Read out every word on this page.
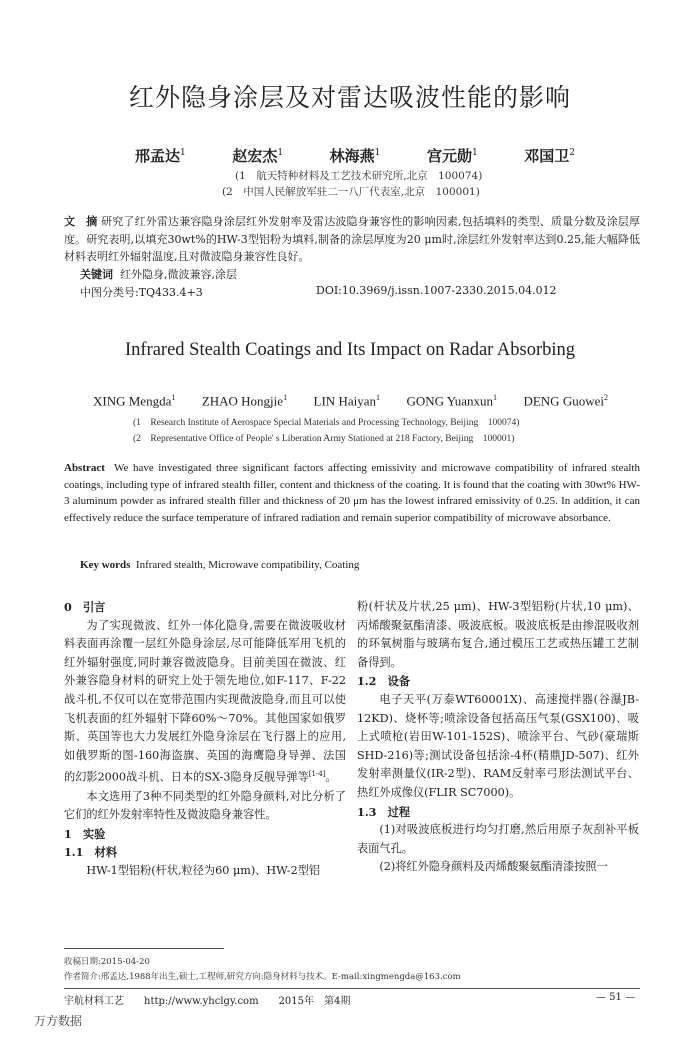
红外隐身涂层及对雷达吸波性能的影响
邢孟达$^1$	赵宏杰$^1$	林海燕$^1$	宫元勋$^1$	邓国卫$^2$
(1　航天特种材料及工艺技术研究所,北京　100074)
(2　中国人民解放军驻二一八厂代表室,北京　100001)
文　摘 研究了红外雷达兼容隐身涂层红外发射率及雷达波隐身兼容性的影响因素,包括填料的类型、质量分数及涂层厚度。研究表明,以填充30wt%的HW-3型铝粉为填料,制备的涂层厚度为20 μm时,涂层红外发射率达到0.25,能大幅降低材料表明红外辐射温度,且对微波隐身兼容性良好。
关键词 红外隐身,微波兼容,涂层
中图分类号:TQ433.4+3	DOI:10.3969/j.issn.1007-2330.2015.04.012
Infrared Stealth Coatings and Its Impact on Radar Absorbing
XING Mengda$^1$ ZHAO Hongjie$^1$ LIN Haiyan$^1$ GONG Yuanxun$^1$ DENG Guowei$^2$
(1　Research Institute of Aerospace Special Materials and Processing Technology, Beijing　100074)
(2　Representative Office of People' s Liberation Army Stationed at 218 Factory, Beijing　100001)
Abstract We have investigated three significant factors affecting emissivity and microwave compatibility of infrared stealth coatings, including type of infrared stealth filler, content and thickness of the coating. It is found that the coating with 30wt% HW-3 aluminum powder as infrared stealth filler and thickness of 20 μm has the lowest infrared emissivity of 0.25. In addition, it can effectively reduce the surface temperature of infrared radiation and remain superior compatibility of microwave absorbance.
Key words Infrared stealth, Microwave compatibility, Coating
0　引言

为了实现微波、红外一体化隐身,需要在微波吸收材料表面再涂覆一层红外隐身涂层,尽可能降低军用飞机的红外辐射强度,同时兼容微波隐身。目前美国在微波、红外兼容隐身材料的研究上处于领先地位,如F-117、F-22战斗机,不仅可以在宽带范围内实现微波隐身,而且可以使飞机表面的红外辐射下降60%～70%。其他国家如俄罗斯、英国等也大力发展红外隐身涂层在飞行器上的应用,如俄罗斯的图-160海盗旗、英国的海鹰隐身导弹、法国的幻影2000战斗机、日本的SX-3隐身反舰导弹等[1-4]。

本文选用了3种不同类型的红外隐身颜料,对比分析了它们的红外发射率特性及微波隐身兼容性。

1　实验
1.1　材料

HW-1型铝粉(杆状,粒径为60 μm)、HW-2型铝

粉(杆状及片状,25 μm)、HW-3型铝粉(片状,10 μm)、丙烯酸聚氨酯清漆、吸波底板。吸波底板是由掺混吸收剂的环氧树脂与玻璃布复合,通过模压工艺或热压罐工艺制备得到。

1.2　设备

电子天平(万泰WT60001X)、高速搅拌器(谷瀑JB-12KD)、烧杯等;喷涂设备包括高压气泵(GSX100)、吸上式喷枪(岩田W-101-152S)、喷涂平台、气砂(豪瑞斯SHD-216)等;测试设备包括涂-4杯(精鼎JD-507)、红外发射率测量仪(IR-2型)、RAM反射率弓形法测试平台、热红外成像仪(FLIR SC7000)。

1.3　过程

(1)对吸波底板进行均匀打磨,然后用原子灰刮补平板表面气孔。

(2)将红外隐身颜料及丙烯酸聚氨酯清漆按照一

收稿日期:2015-04-20
作者简介:邢孟达,1988年出生,硕士,工程师,研究方向:隐身材料与技术。E-mail:xingmengda@163.com
宇航材料工艺　　http://www.yhclgy.com　　2015年　第4期	— 51 —
万方数据
